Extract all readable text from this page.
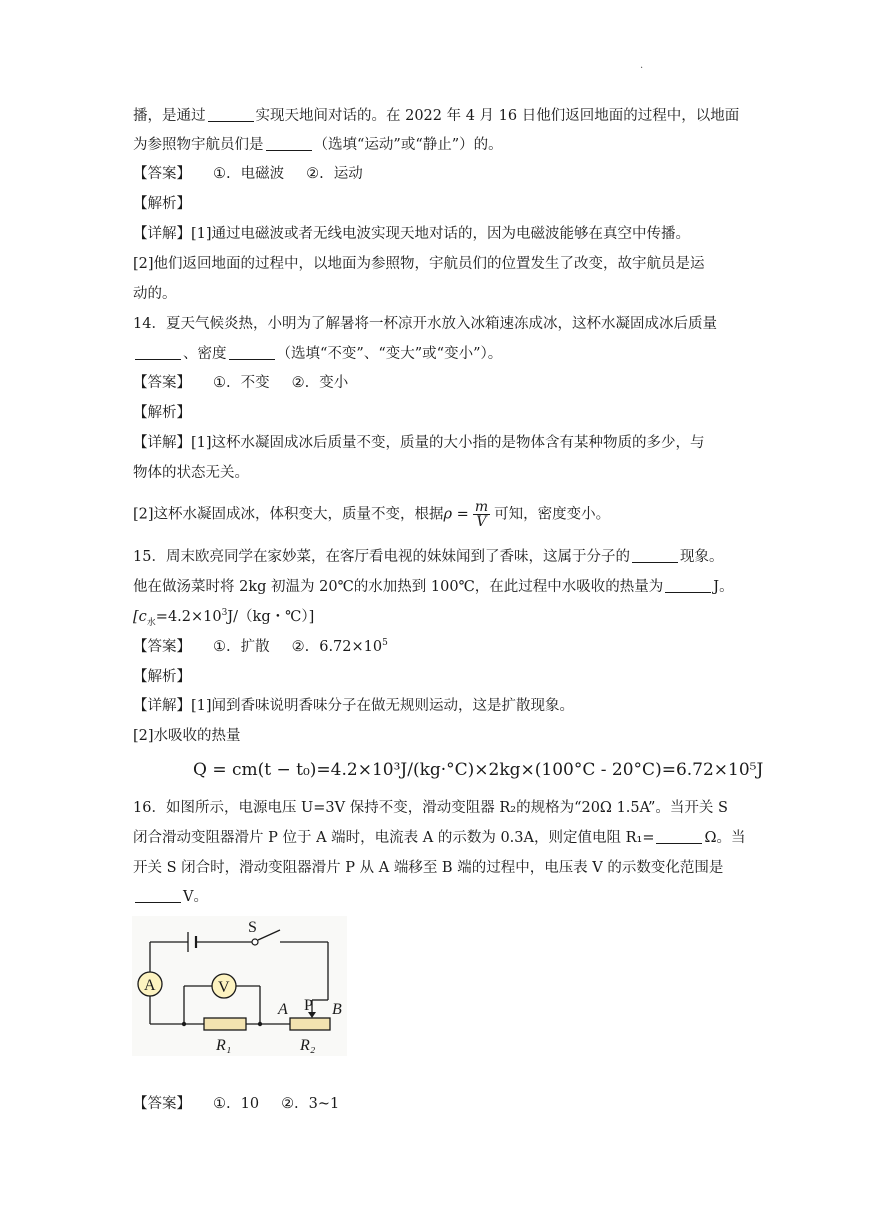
.
播，是通过	实现天地间对话的。在 2022 年 4 月 16 日他们返回地面的过程中，以地面
为参照物宇航员们是	（选填“运动”或“静止”）的。
【答案】 ①. 电磁波 ②. 运动
【解析】
【详解】[1]通过电磁波或者无线电波实现天地对话的，因为电磁波能够在真空中传播。
[2]他们返回地面的过程中，以地面为参照物，宇航员们的位置发生了改变，故宇航员是运
动的。
14．夏天气候炎热，小明为了解暑将一杯凉开水放入冰箱速冻成冰，这杯水凝固成冰后质量
、密度	（选填“不变”、“变大”或“变小”）。
【答案】 ①. 不变 ②. 变小
【解析】
【详解】[1]这杯水凝固成冰后质量不变，质量的大小指的是物体含有某种物质的多少，与
物体的状态无关。
[2]这杯水凝固成冰，体积变大，质量不变，根据$\rho = \frac{m}{V}$ 可知，密度变小。
15．周末欧亮同学在家妙菜，在客厅看电视的妹妹闻到了香味，这属于分子的	现象。
他在做汤菜时将 2kg 初温为 20℃的水加热到 100℃，在此过程中水吸收的热量为	J。
[$c_水=4.2\times 10^3J/(kg$・℃）]
【答案】 ①. 扩散 ②. $6.72\times 10^5$
【解析】
【详解】[1]闻到香味说明香味分子在做无规则运动，这是扩散现象。
[2]水吸收的热量
Q = cm(t − t₀)=4.2×10³J/(kg·°C)×2kg×(100°C - 20°C)=6.72×10⁵J
16．如图所示，电源电压 U=3V 保持不变，滑动变阻器 R₂的规格为“20Ω 1.5A”。当开关 S
闭合滑动变阻器滑片 P 位于 A 端时，电流表 A 的示数为 0.3A，则定值电阻 R₁=	Ω。当
开关 S 闭合时，滑动变阻器滑片 P 从 A 端移至 B 端的过程中，电压表 V 的示数变化范围是
V。
S
A	V
P
A	B
R₁	R₂
【答案】 ①. 10 ②. 3~1
